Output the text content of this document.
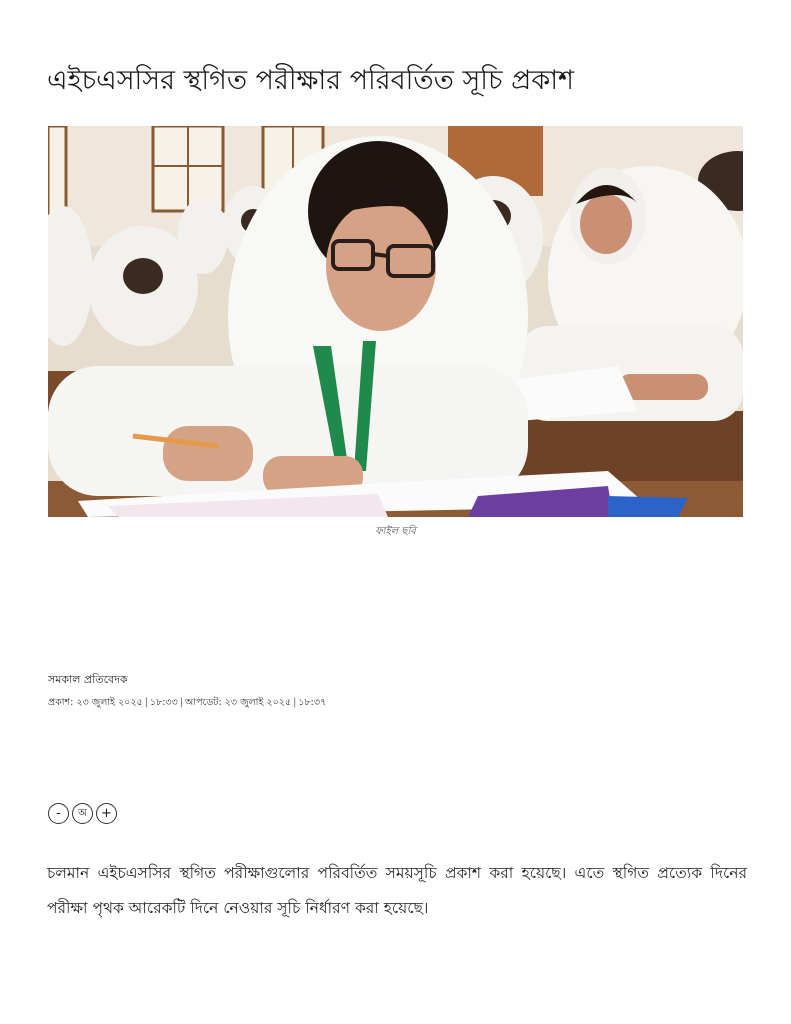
এইচএসসির স্থগিত পরীক্ষার পরিবর্তিত সূচি প্রকাশ
ফাইল ছবি
সমকাল প্রতিবেদক
প্রকাশ: ২৩ জুলাই ২০২৫ | ১৮:৩৩ | আপডেট: ২৩ জুলাই ২০২৫ | ১৮:৩৭
-	অ	+

চলমান এইচএসসির স্থগিত পরীক্ষাগুলোর পরিবর্তিত সময়সূচি প্রকাশ করা হয়েছে। এতে স্থগিত প্রত্যেক দিনের পরীক্ষা পৃথক আরেকটি দিনে নেওয়ার সূচি নির্ধারণ করা হয়েছে।
